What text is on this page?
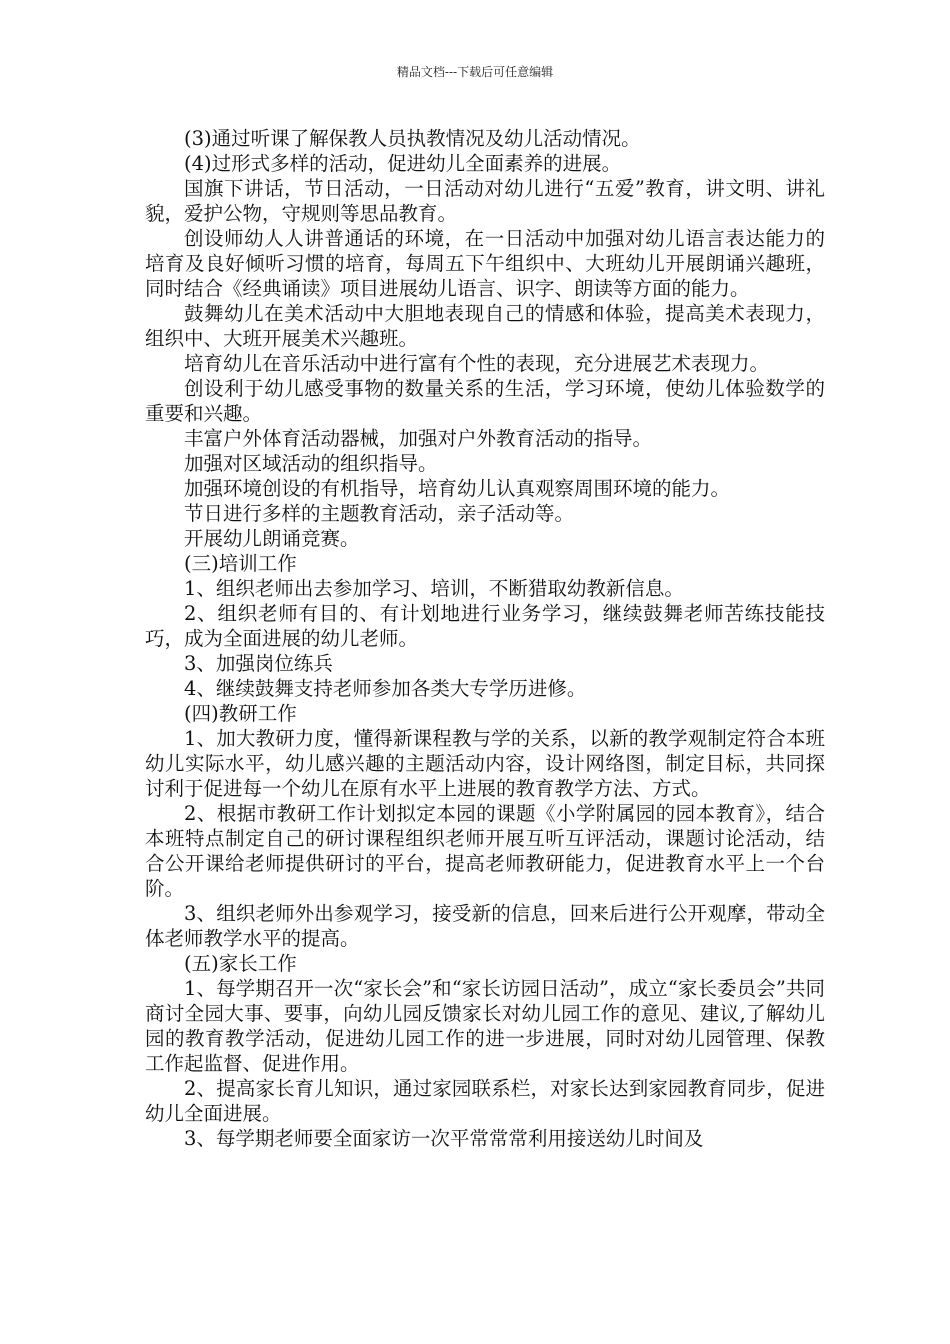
精品文档---下载后可任意编辑

(3)通过听课了解保教人员执教情况及幼儿活动情况。

(4)过形式多样的活动，促进幼儿全面素养的进展。

国旗下讲话，节日活动，一日活动对幼儿进行“五爱”教育，讲文明、讲礼貌，爱护公物，守规则等思品教育。

创设师幼人人讲普通话的环境，在一日活动中加强对幼儿语言表达能力的培育及良好倾听习惯的培育，每周五下午组织中、大班幼儿开展朗诵兴趣班，同时结合《经典诵读》项目进展幼儿语言、识字、朗读等方面的能力。

鼓舞幼儿在美术活动中大胆地表现自己的情感和体验，提高美术表现力，组织中、大班开展美术兴趣班。

培育幼儿在音乐活动中进行富有个性的表现，充分进展艺术表现力。

创设利于幼儿感受事物的数量关系的生活，学习环境，使幼儿体验数学的重要和兴趣。

丰富户外体育活动器械，加强对户外教育活动的指导。

加强对区域活动的组织指导。

加强环境创设的有机指导，培育幼儿认真观察周围环境的能力。

节日进行多样的主题教育活动，亲子活动等。

开展幼儿朗诵竞赛。

(三)培训工作

1、组织老师出去参加学习、培训，不断猎取幼教新信息。

2、组织老师有目的、有计划地进行业务学习，继续鼓舞老师苦练技能技巧，成为全面进展的幼儿老师。

3、加强岗位练兵

4、继续鼓舞支持老师参加各类大专学历进修。

(四)教研工作

1、加大教研力度，懂得新课程教与学的关系，以新的教学观制定符合本班幼儿实际水平，幼儿感兴趣的主题活动内容，设计网络图，制定目标，共同探讨利于促进每一个幼儿在原有水平上进展的教育教学方法、方式。

2、根据市教研工作计划拟定本园的课题《小学附属园的园本教育》，结合本班特点制定自己的研讨课程组织老师开展互听互评活动，课题讨论活动，结合公开课给老师提供研讨的平台，提高老师教研能力，促进教育水平上一个台阶。

3、组织老师外出参观学习，接受新的信息，回来后进行公开观摩，带动全体老师教学水平的提高。

(五)家长工作

1、每学期召开一次“家长会”和“家长访园日活动”，成立“家长委员会”共同商讨全园大事、要事，向幼儿园反馈家长对幼儿园工作的意见、建议,了解幼儿园的教育教学活动，促进幼儿园工作的进一步进展，同时对幼儿园管理、保教工作起监督、促进作用。

2、提高家长育儿知识，通过家园联系栏，对家长达到家园教育同步，促进幼儿全面进展。

3、每学期老师要全面家访一次平常常常利用接送幼儿时间及
